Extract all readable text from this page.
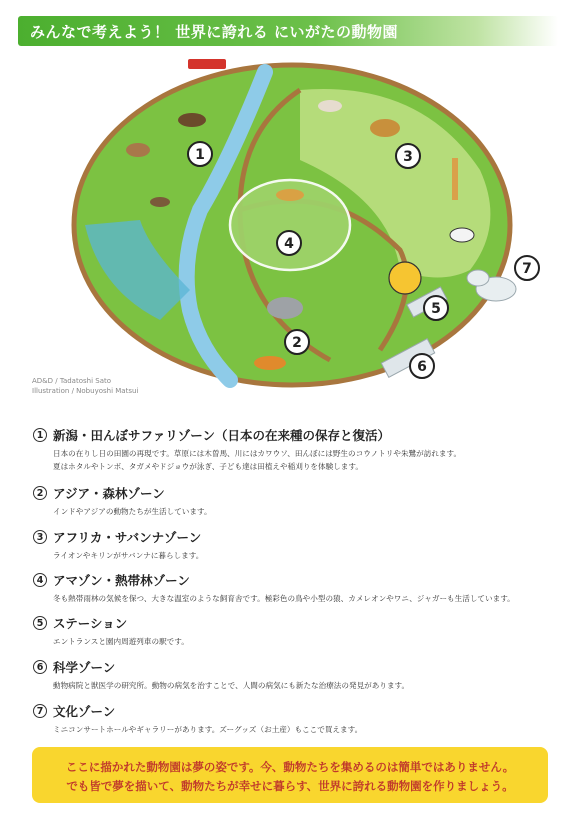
みんなで考えよう！ 世界に誇れる にいがたの動物園
1
2
3
4
5
6
7
AD&D / Tadatoshi Sato
Illustration / Nobuyoshi Matsui
1 新潟・田んぼサファリゾーン（日本の在来種の保存と復活）
日本の在りし日の田園の再現です。草原には木曽馬、川にはカワウソ、田んぼには野生のコウノトリや朱鷺が訪れます。
夏はホタルやトンボ、タガメやドジョウが泳ぎ、子ども達は田植えや稲刈りを体験します。
2 アジア・森林ゾーン
インドやアジアの動物たちが生活しています。
3 アフリカ・サバンナゾーン
ライオンやキリンがサバンナに暮らします。
4 アマゾン・熱帯林ゾーン
冬も熱帯雨林の気候を保つ、大きな温室のような飼育舎です。極彩色の鳥や小型の猿、カメレオンやワニ、ジャガーも生活しています。
5 ステーション
エントランスと園内周遊列車の駅です。
6 科学ゾーン
動物病院と獣医学の研究所。動物の病気を治すことで、人間の病気にも新たな治療法の発見があります。
7 文化ゾーン
ミニコンサートホールやギャラリーがあります。ズーグッズ（お土産）もここで買えます。
ここに描かれた動物園は夢の姿です。今、動物たちを集めるのは簡単ではありません。
でも皆で夢を描いて、動物たちが幸せに暮らす、世界に誇れる動物園を作りましょう。
